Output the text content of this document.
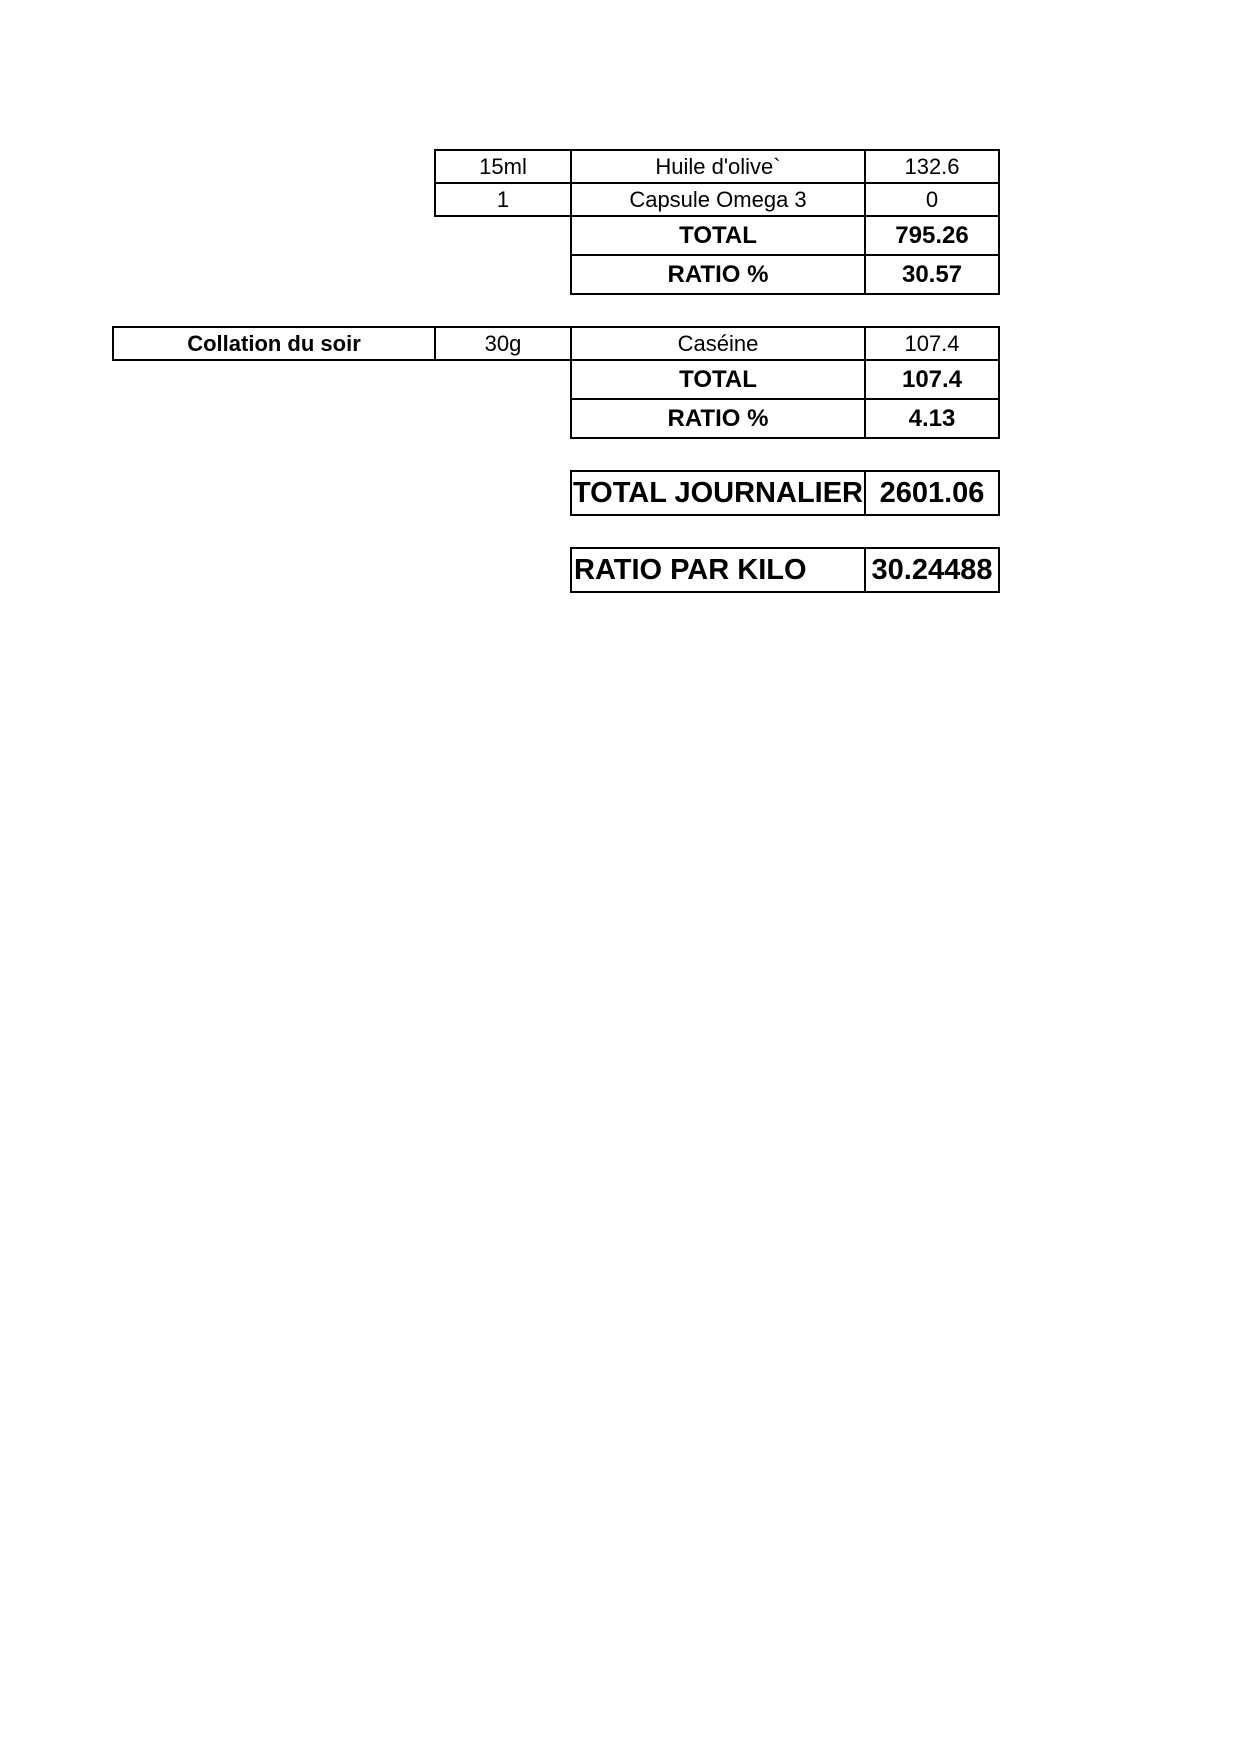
15ml	Huile d'olive`	132.6
1	Capsule Omega 3	0
TOTAL	795.26
RATIO %	30.57
Collation du soir	30g	Caséine	107.4
TOTAL	107.4
RATIO %	4.13
TOTAL JOURNALIER 2601.06
RATIO PAR KILO	30.24488
